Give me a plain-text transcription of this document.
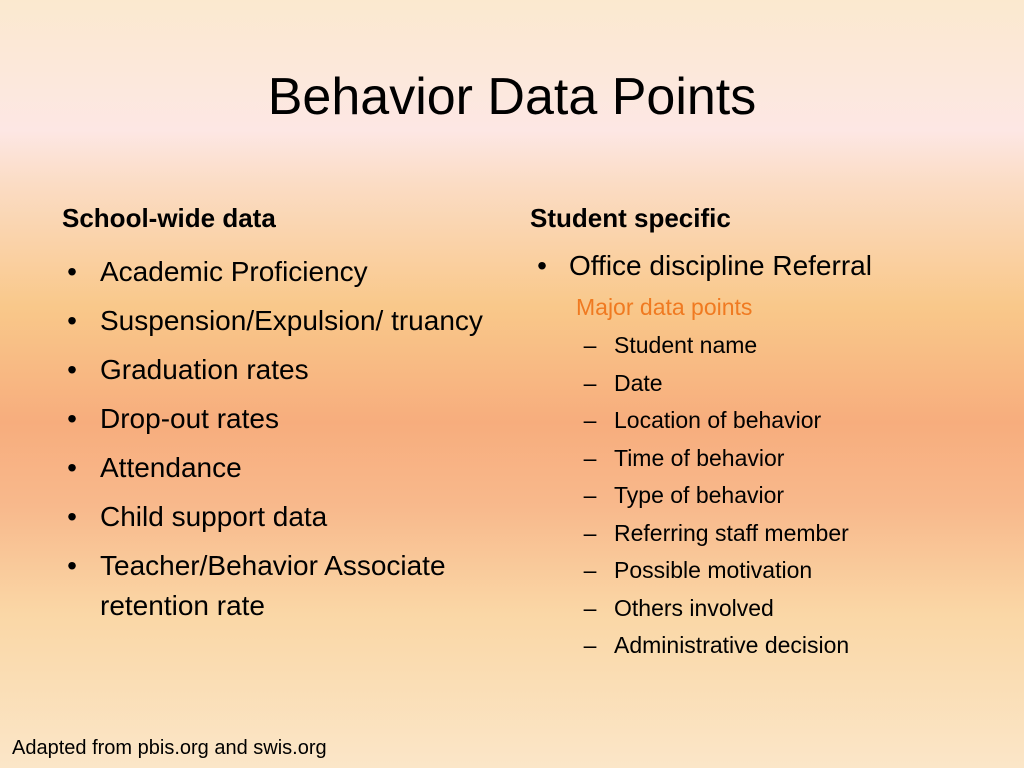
Behavior Data Points
School-wide data
• Academic Proficiency
• Suspension/Expulsion/ truancy
• Graduation rates
• Drop-out rates
• Attendance
• Child support data
• Teacher/Behavior Associate retention rate
Student specific
• Office discipline Referral
Major data points
– Student name
– Date
– Location of behavior
– Time of behavior
– Type of behavior
– Referring staff member
– Possible motivation
– Others involved
– Administrative decision
Adapted from pbis.org and swis.org
